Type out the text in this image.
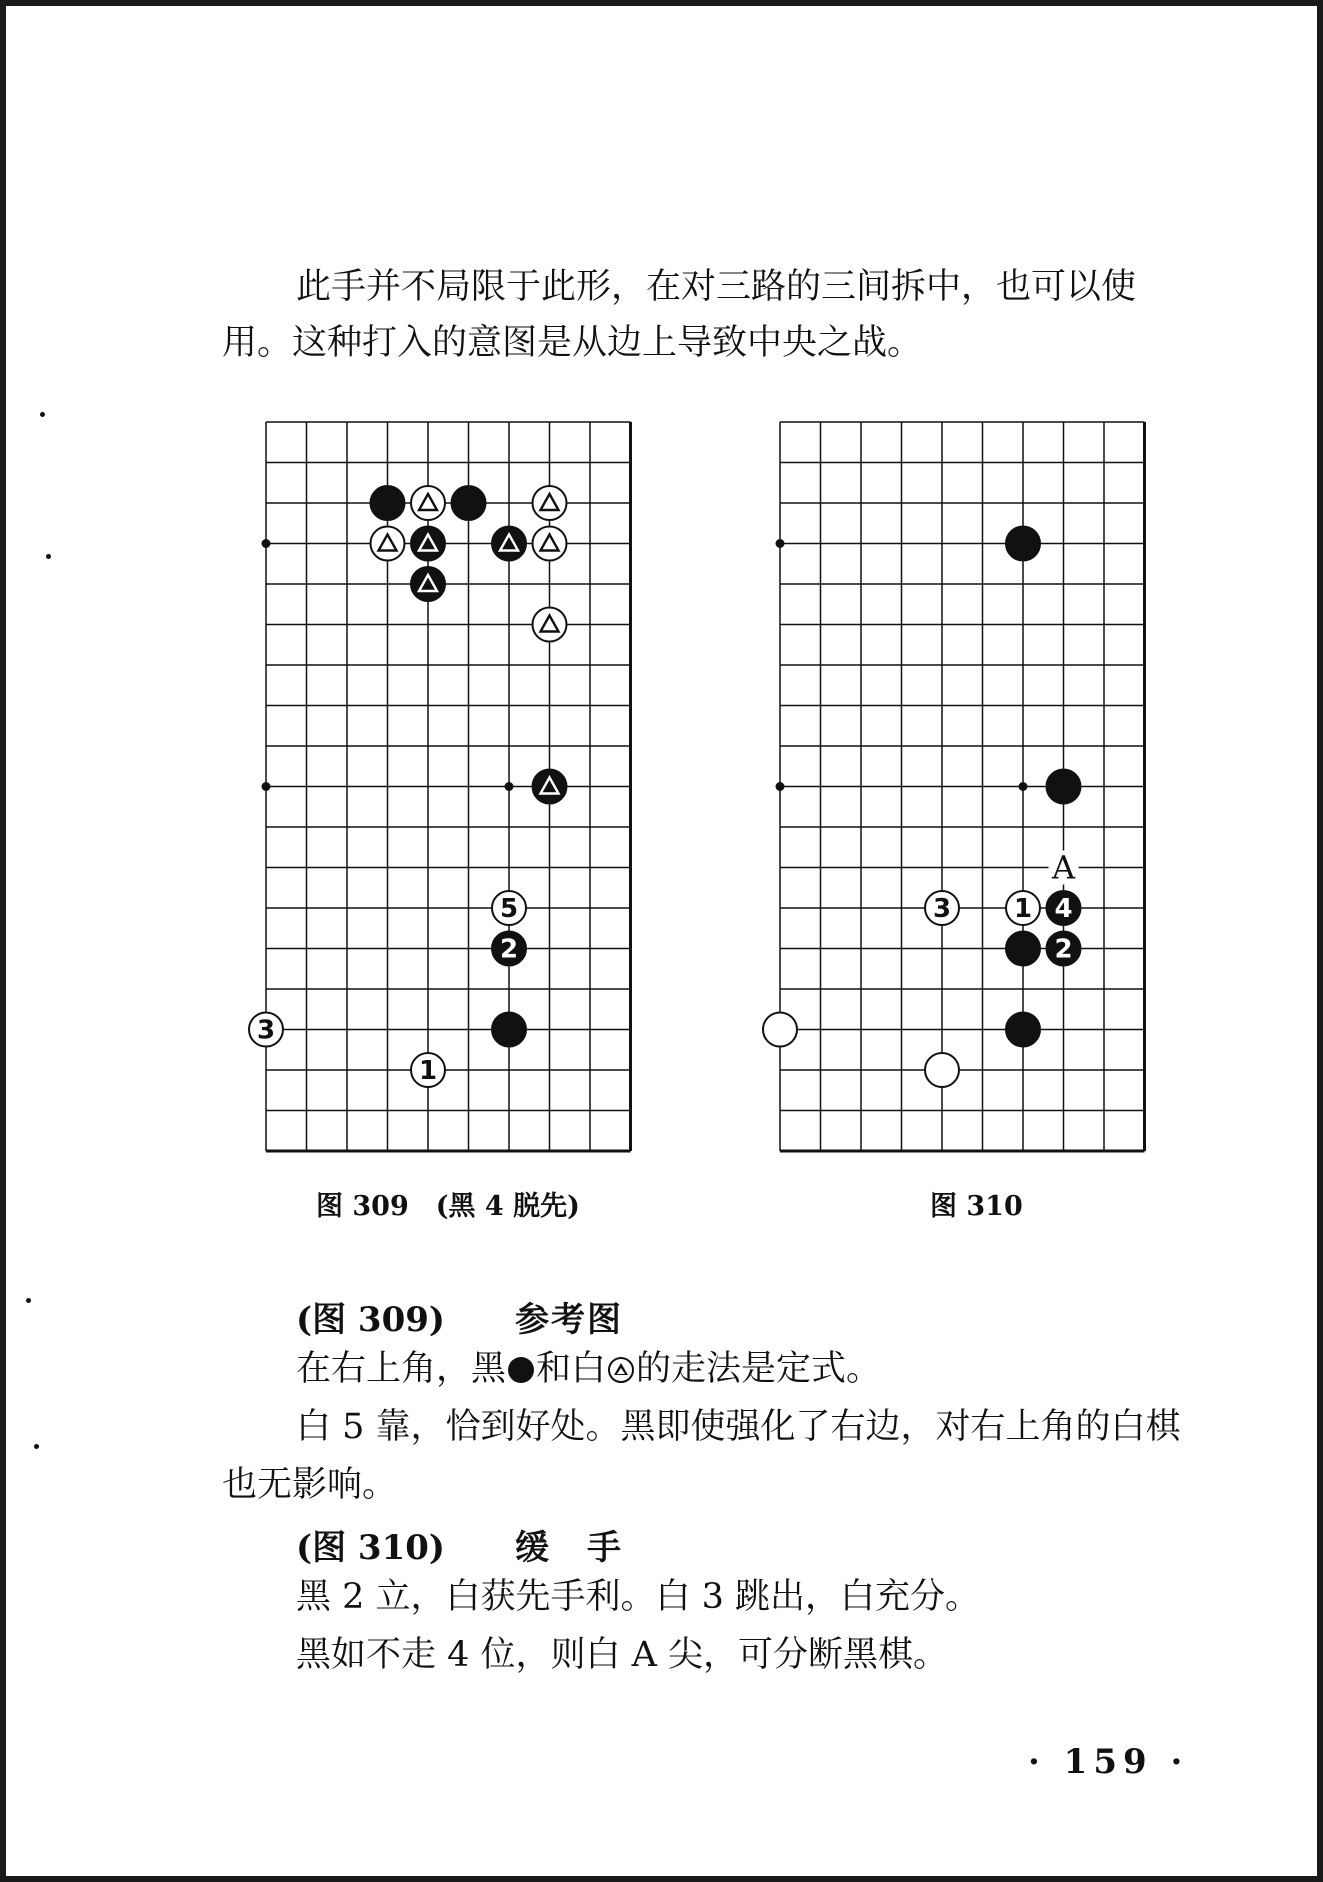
此手并不局限于此形，在对三路的三间拆中，也可以使
用。这种打入的意图是从边上导致中央之战。
5
2
3
1
3 1 4
2
A
图 309　(黑 4 脱先)	图 310
(图 309) 参考图
在右上角，黑 和白 的走法是定式。
白 5 靠，恰到好处。黑即使强化了右边，对右上角的白棋
也无影响。
(图 310) 缓　手
黑 2 立，白获先手利。白 3 跳出，白充分。
黑如不走 4 位，则白 A 尖，可分断黑棋。
· 159 ·
